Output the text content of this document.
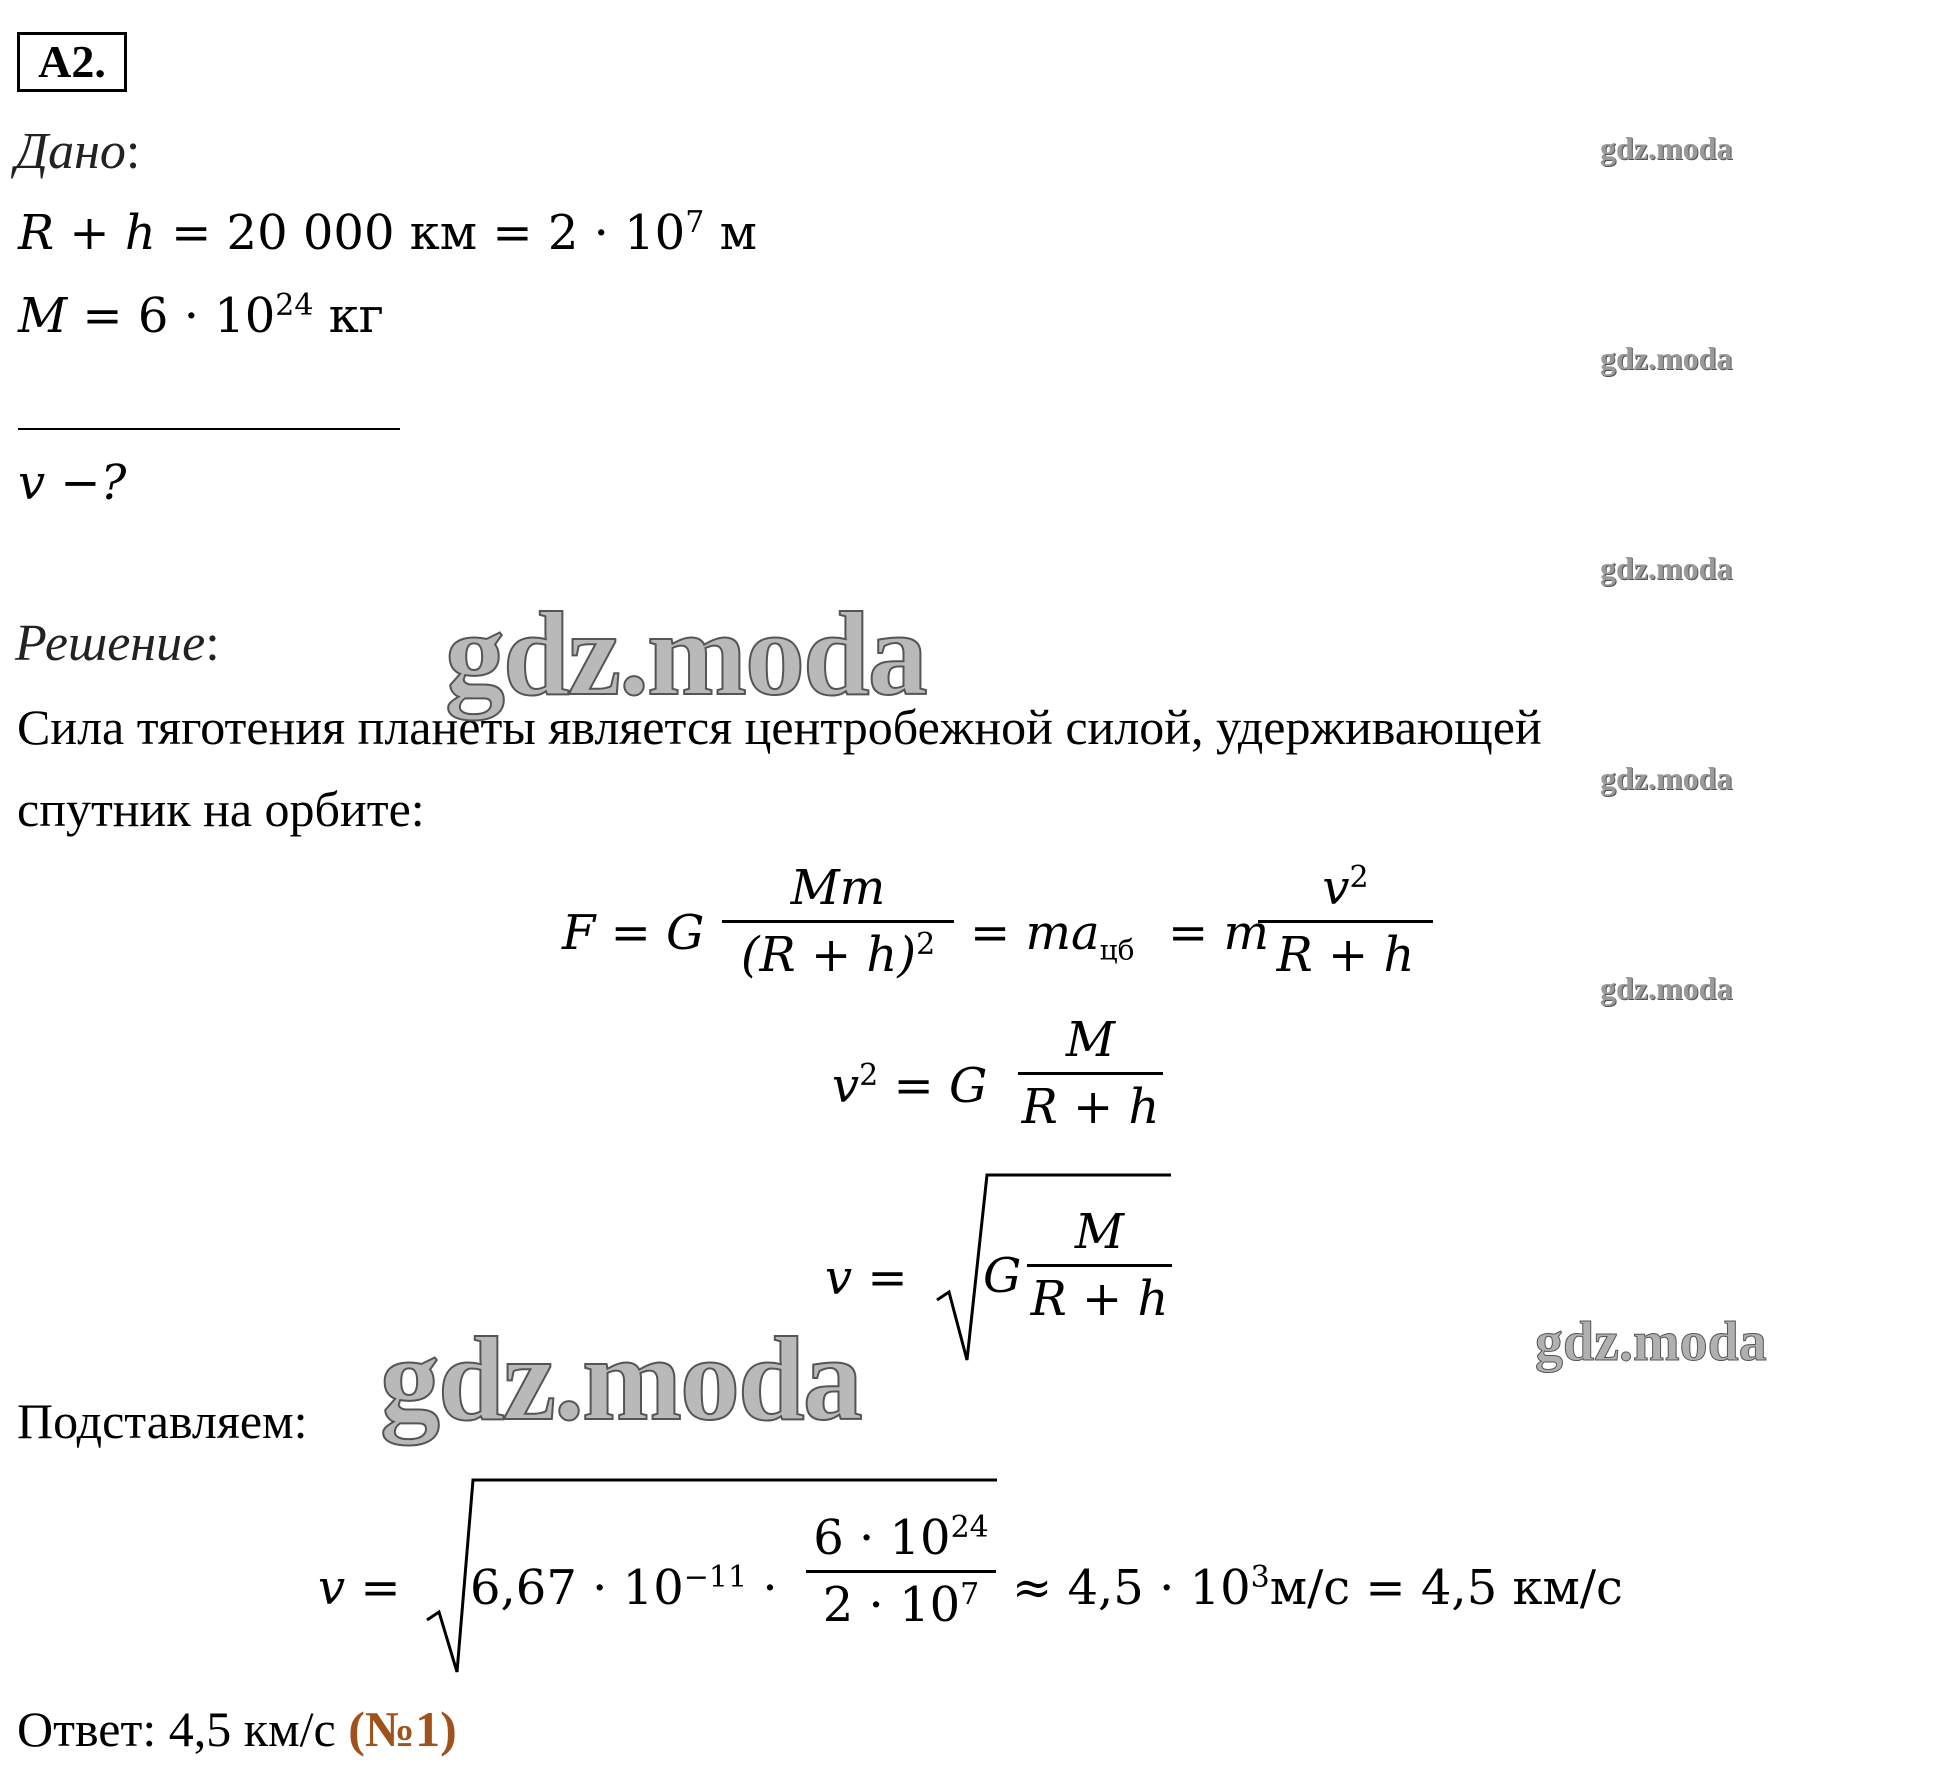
A2.
Дано:
R + h = 20 000 км = $2 \cdot 10^7$ м
$M = 6 \cdot 10^{24}$ кг
v −?
Решение:
Сила тяготения планеты является центробежной силой, удерживающей
спутник на орбите:
F = G
Mm
$(R + h)^2 = ma_{цб} = m$
$v^2$
R + h
$v^2 = G$
M
R + h
v = G
M
R + h
Подставляем:
$v = 6,67 \cdot 10^{-11}$ ·
$6 \cdot 10^{24}$
$2 \cdot 10^7 \approx 4,5 \cdot 10^3м/с = 4,5$ км/с
Ответ: 4,5 км/с (№1)
gdz.moda
gdz.moda
gdz.moda
gdz.moda
gdz.moda
gdz.moda
gdz.moda	gdz.moda
